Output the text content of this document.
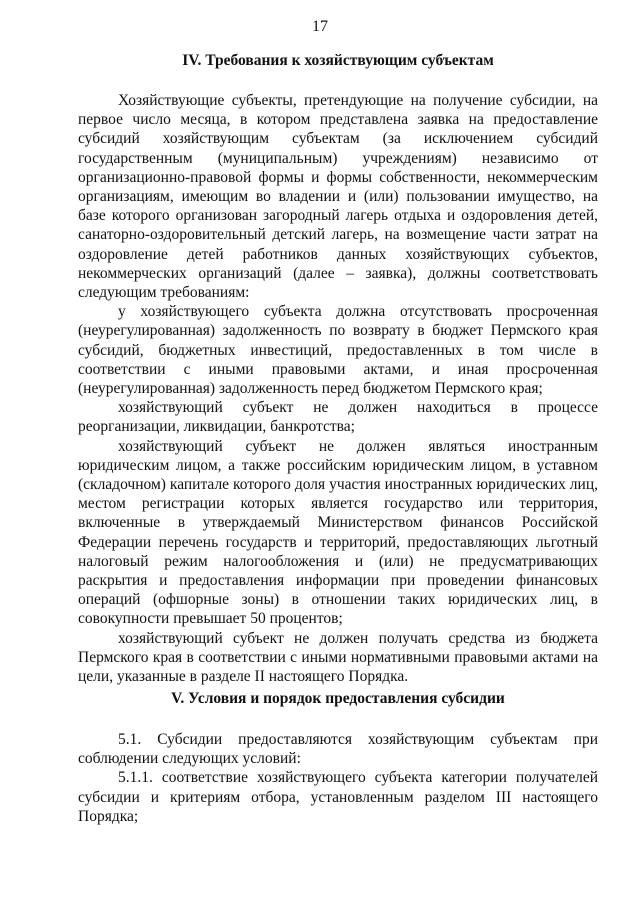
17
IV. Требования к хозяйствующим субъектам

Хозяйствующие субъекты, претендующие на получение субсидии, на первое число месяца, в котором представлена заявка на предоставление субсидий хозяйствующим субъектам (за исключением субсидий государственным (муниципальным) учреждениям) независимо от организационно-правовой формы и формы собственности, некоммерческим организациям, имеющим во владении и (или) пользовании имущество, на базе которого организован загородный лагерь отдыха и оздоровления детей, санаторно-оздоровительный детский лагерь, на возмещение части затрат на оздоровление детей работников данных хозяйствующих субъектов, некоммерческих организаций (далее – заявка), должны соответствовать следующим требованиям:

у хозяйствующего субъекта должна отсутствовать просроченная (неурегулированная) задолженность по возврату в бюджет Пермского края субсидий, бюджетных инвестиций, предоставленных в том числе в соответствии с иными правовыми актами, и иная просроченная (неурегулированная) задолженность перед бюджетом Пермского края;

хозяйствующий субъект не должен находиться в процессе реорганизации, ликвидации, банкротства;

хозяйствующий субъект не должен являться иностранным юридическим лицом, а также российским юридическим лицом, в уставном (складочном) капитале которого доля участия иностранных юридических лиц, местом регистрации которых является государство или территория, включенные в утверждаемый Министерством финансов Российской Федерации перечень государств и территорий, предоставляющих льготный налоговый режим налогообложения и (или) не предусматривающих раскрытия и предоставления информации при проведении финансовых операций (офшорные зоны) в отношении таких юридических лиц, в совокупности превышает 50 процентов;

хозяйствующий субъект не должен получать средства из бюджета Пермского края в соответствии с иными нормативными правовыми актами на цели, указанные в разделе II настоящего Порядка.

V. Условия и порядок предоставления субсидии

5.1. Субсидии предоставляются хозяйствующим субъектам при соблюдении следующих условий:

5.1.1. соответствие хозяйствующего субъекта категории получателей субсидии и критериям отбора, установленным разделом III настоящего Порядка;
